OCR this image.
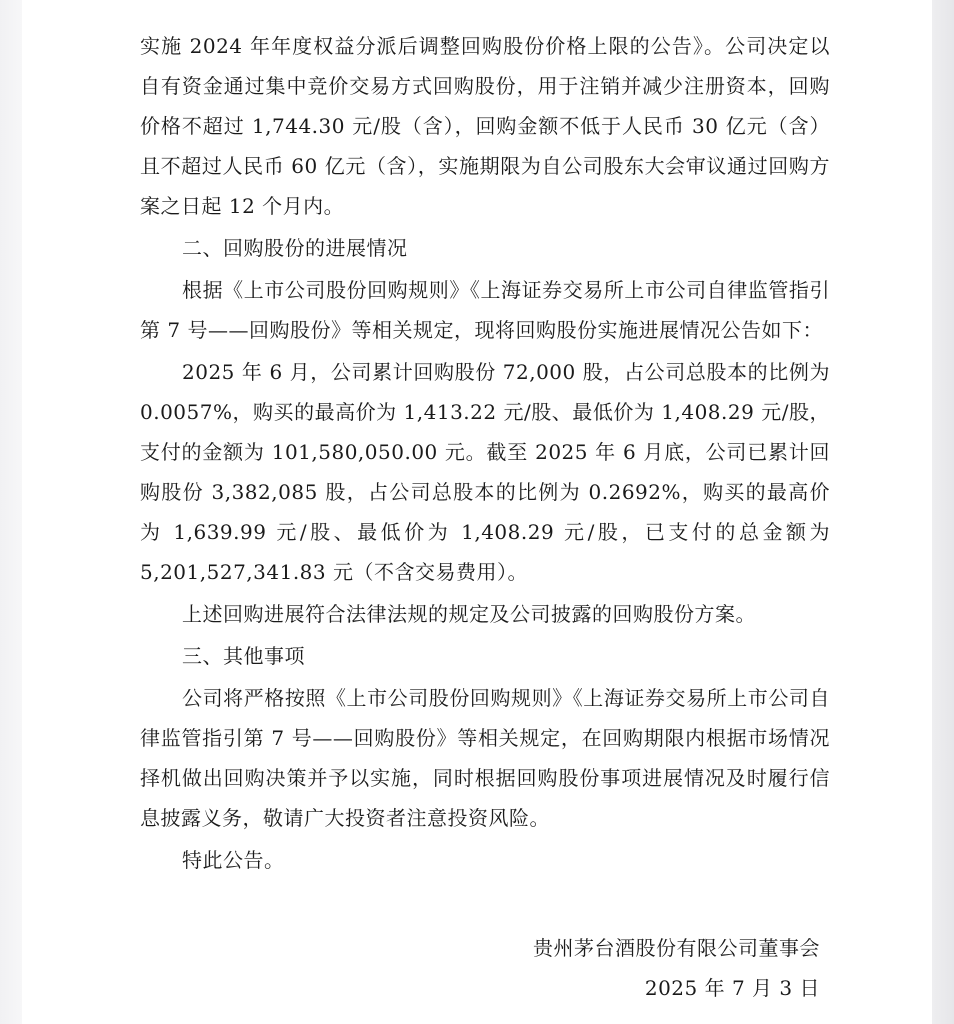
实施 2024 年年度权益分派后调整回购股份价格上限的公告》。公司决定以自有资金通过集中竞价交易方式回购股份，用于注销并减少注册资本，回购价格不超过 1,744.30 元/股（含），回购金额不低于人民币 30 亿元（含）且不超过人民币 60 亿元（含），实施期限为自公司股东大会审议通过回购方案之日起 12 个月内。

二、回购股份的进展情况

根据《上市公司股份回购规则》《上海证券交易所上市公司自律监管指引第 7 号——回购股份》等相关规定，现将回购股份实施进展情况公告如下：

2025 年 6 月，公司累计回购股份 72,000 股，占公司总股本的比例为 0.0057%，购买的最高价为 1,413.22 元/股、最低价为 1,408.29 元/股，支付的金额为 101,580,050.00 元。截至 2025 年 6 月底，公司已累计回购股份 3,382,085 股，占公司总股本的比例为 0.2692%，购买的最高价为 1,639.99 元/股、最低价为 1,408.29 元/股，已支付的总金额为 5,201,527,341.83 元（不含交易费用）。

上述回购进展符合法律法规的规定及公司披露的回购股份方案。

三、其他事项

公司将严格按照《上市公司股份回购规则》《上海证券交易所上市公司自律监管指引第 7 号——回购股份》等相关规定，在回购期限内根据市场情况择机做出回购决策并予以实施，同时根据回购股份事项进展情况及时履行信息披露义务，敬请广大投资者注意投资风险。

特此公告。

贵州茅台酒股份有限公司董事会
2025 年 7 月 3 日
